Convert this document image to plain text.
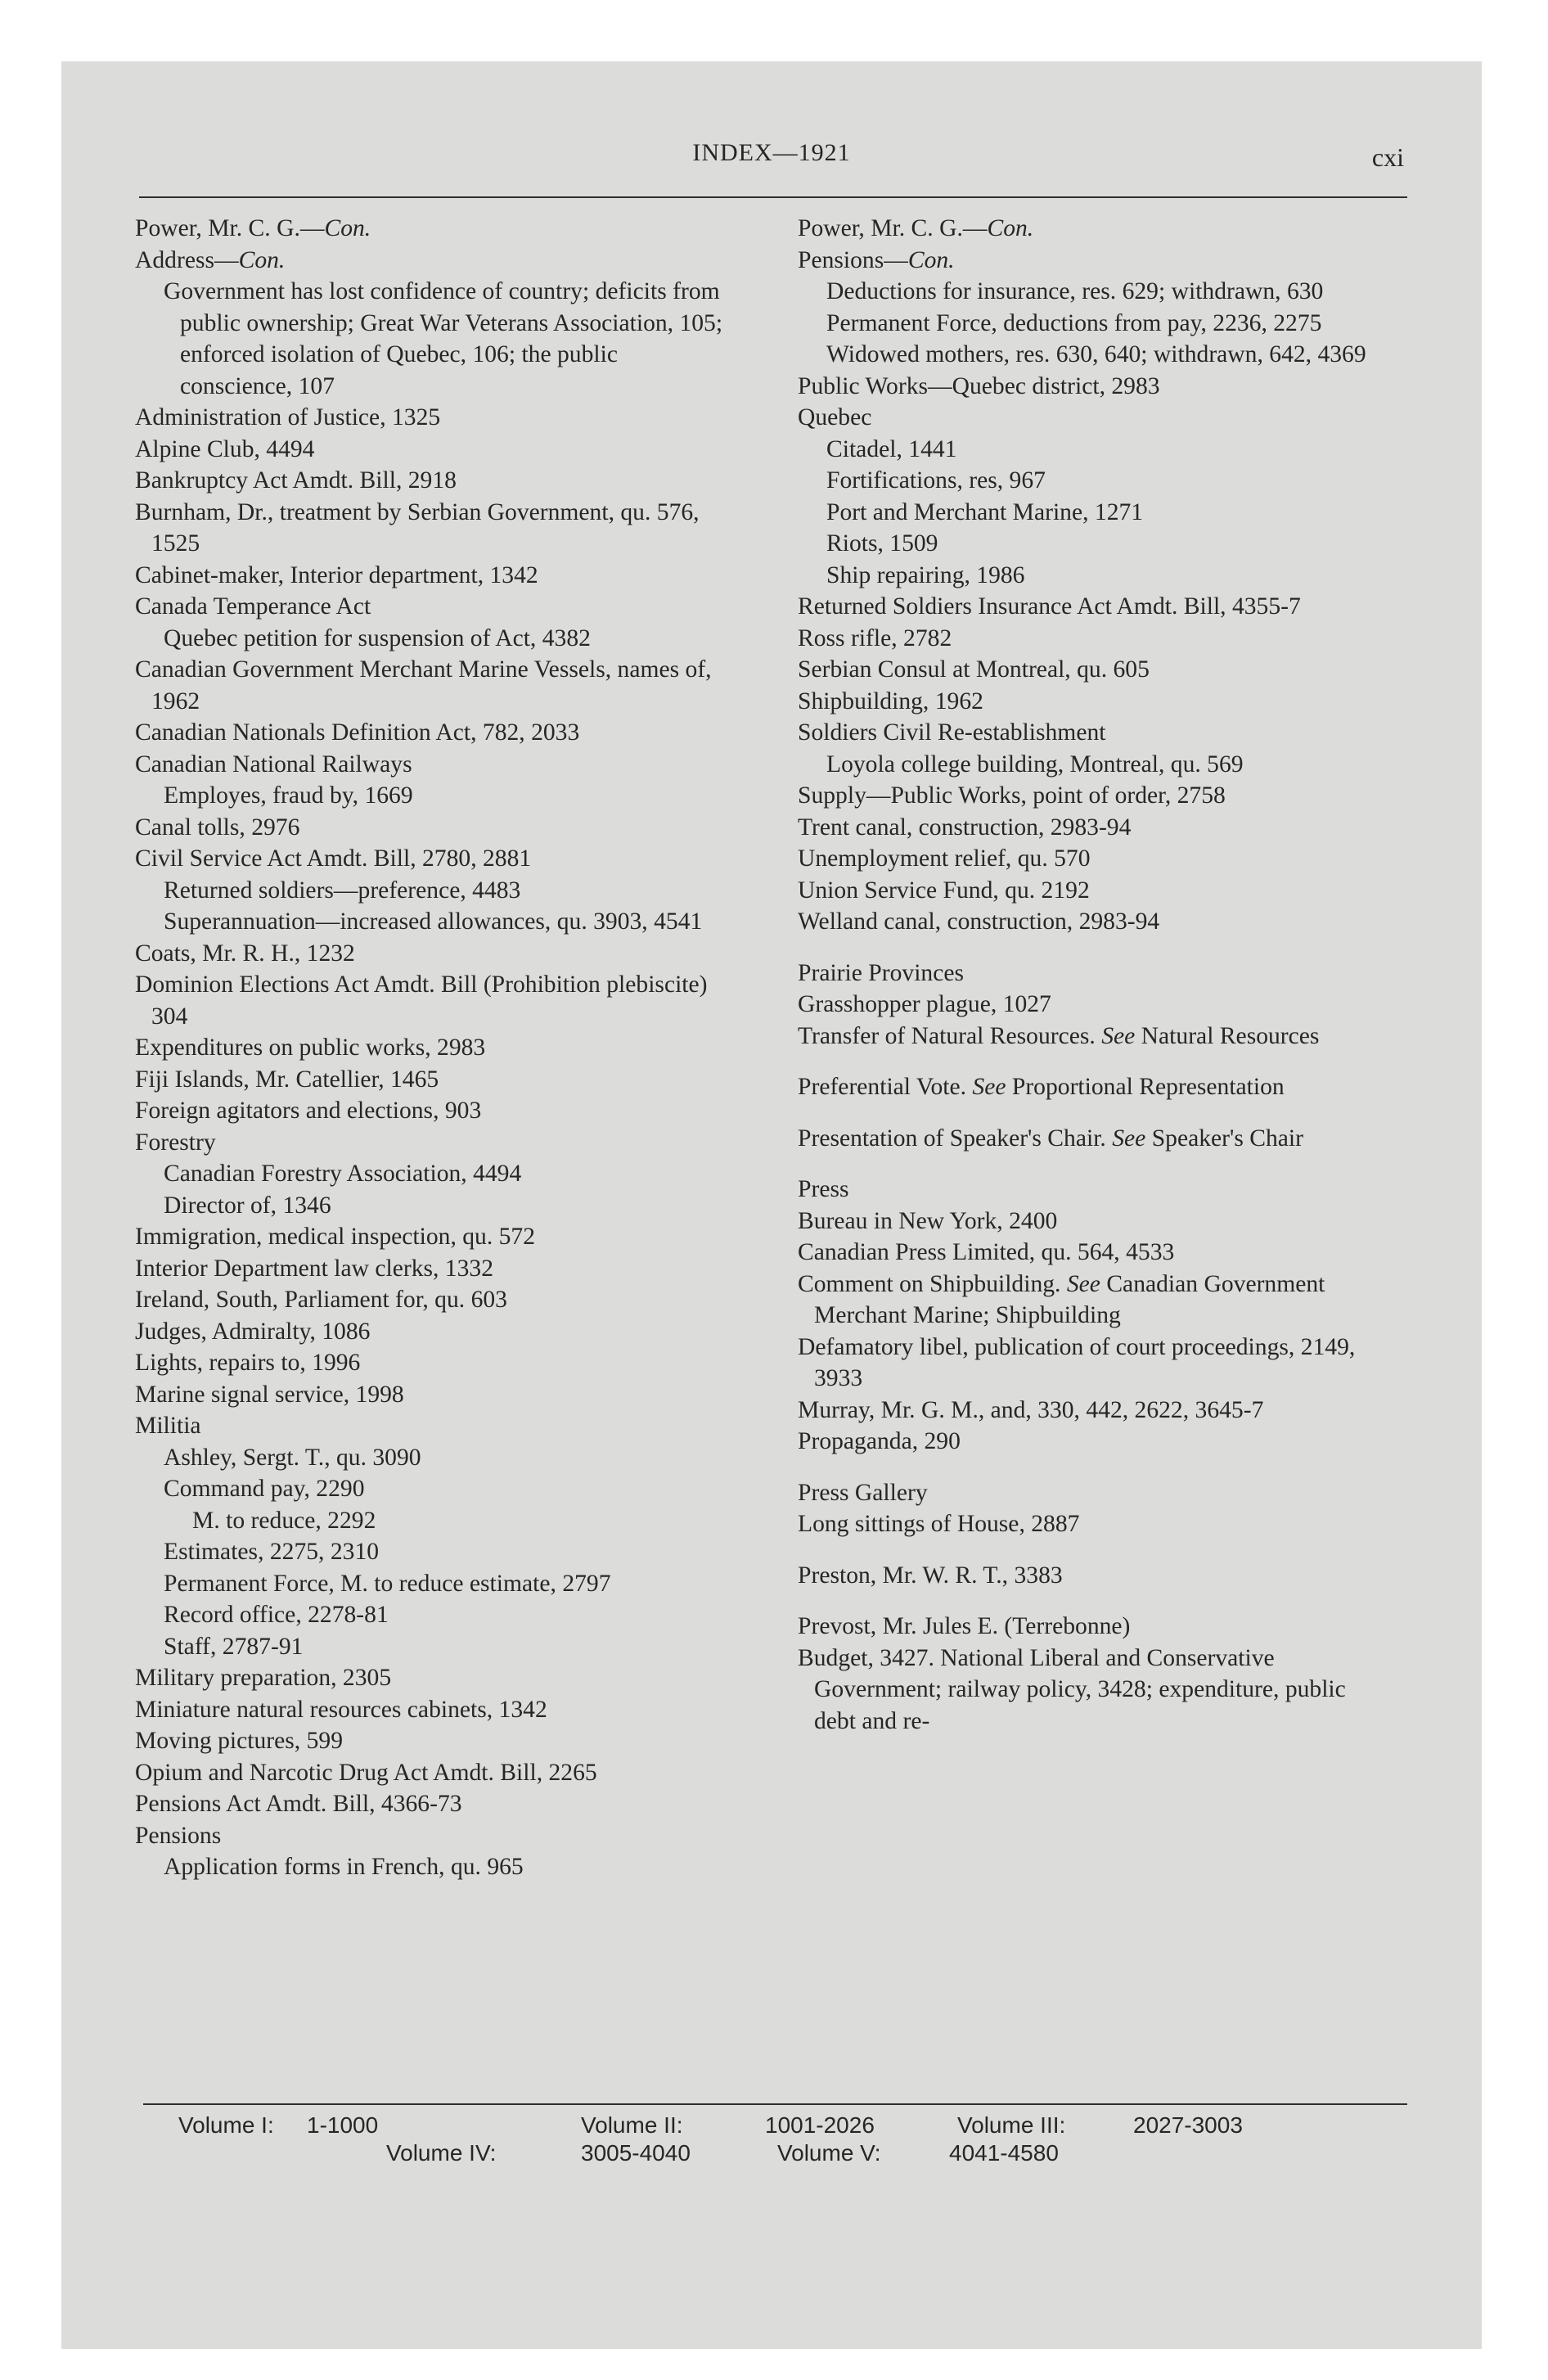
INDEX—1921	cxi
Power, Mr. C. G.—Con.
Address—Con.
Government has lost confidence of country; deficits from public ownership; Great War Veterans Association, 105; enforced isolation of Quebec, 106; the public conscience, 107
Administration of Justice, 1325
Alpine Club, 4494
Bankruptcy Act Amdt. Bill, 2918
Burnham, Dr., treatment by Serbian Government, qu. 576, 1525
Cabinet-maker, Interior department, 1342
Canada Temperance Act
Quebec petition for suspension of Act, 4382
Canadian Government Merchant Marine Vessels, names of, 1962
Canadian Nationals Definition Act, 782, 2033
Canadian National Railways
Employes, fraud by, 1669
Canal tolls, 2976
Civil Service Act Amdt. Bill, 2780, 2881
Returned soldiers—preference, 4483
Superannuation—increased allowances, qu. 3903, 4541
Coats, Mr. R. H., 1232
Dominion Elections Act Amdt. Bill (Prohibition plebiscite) 304
Expenditures on public works, 2983
Fiji Islands, Mr. Catellier, 1465
Foreign agitators and elections, 903
Forestry
Canadian Forestry Association, 4494
Director of, 1346
Immigration, medical inspection, qu. 572
Interior Department law clerks, 1332
Ireland, South, Parliament for, qu. 603
Judges, Admiralty, 1086
Lights, repairs to, 1996
Marine signal service, 1998
Militia
Ashley, Sergt. T., qu. 3090
Command pay, 2290
M. to reduce, 2292
Estimates, 2275, 2310
Permanent Force, M. to reduce estimate, 2797
Record office, 2278-81
Staff, 2787-91
Military preparation, 2305
Miniature natural resources cabinets, 1342
Moving pictures, 599
Opium and Narcotic Drug Act Amdt. Bill, 2265
Pensions Act Amdt. Bill, 4366-73
Pensions
Application forms in French, qu. 965
Power, Mr. C. G.—Con.
Pensions—Con.
Deductions for insurance, res. 629; withdrawn, 630
Permanent Force, deductions from pay, 2236, 2275
Widowed mothers, res. 630, 640; withdrawn, 642, 4369
Public Works—Quebec district, 2983
Quebec
Citadel, 1441
Fortifications, res, 967
Port and Merchant Marine, 1271
Riots, 1509
Ship repairing, 1986
Returned Soldiers Insurance Act Amdt. Bill, 4355-7
Ross rifle, 2782
Serbian Consul at Montreal, qu. 605
Shipbuilding, 1962
Soldiers Civil Re-establishment
Loyola college building, Montreal, qu. 569
Supply—Public Works, point of order, 2758
Trent canal, construction, 2983-94
Unemployment relief, qu. 570
Union Service Fund, qu. 2192
Welland canal, construction, 2983-94
Prairie Provinces
Grasshopper plague, 1027
Transfer of Natural Resources. See Natural Resources
Preferential Vote. See Proportional Representation
Presentation of Speaker's Chair. See Speaker's Chair
Press
Bureau in New York, 2400
Canadian Press Limited, qu. 564, 4533
Comment on Shipbuilding. See Canadian Government Merchant Marine; Shipbuilding
Defamatory libel, publication of court proceedings, 2149, 3933
Murray, Mr. G. M., and, 330, 442, 2622, 3645-7
Propaganda, 290
Press Gallery
Long sittings of House, 2887
Preston, Mr. W. R. T., 3383
Prevost, Mr. Jules E. (Terrebonne)
Budget, 3427. National Liberal and Conservative Government; railway policy, 3428; expenditure, public debt and re-
Volume I: 1-1000	Volume II:	1001-2026	Volume III:	2027-3003
Volume IV:	3005-4040	Volume V:	4041-4580
